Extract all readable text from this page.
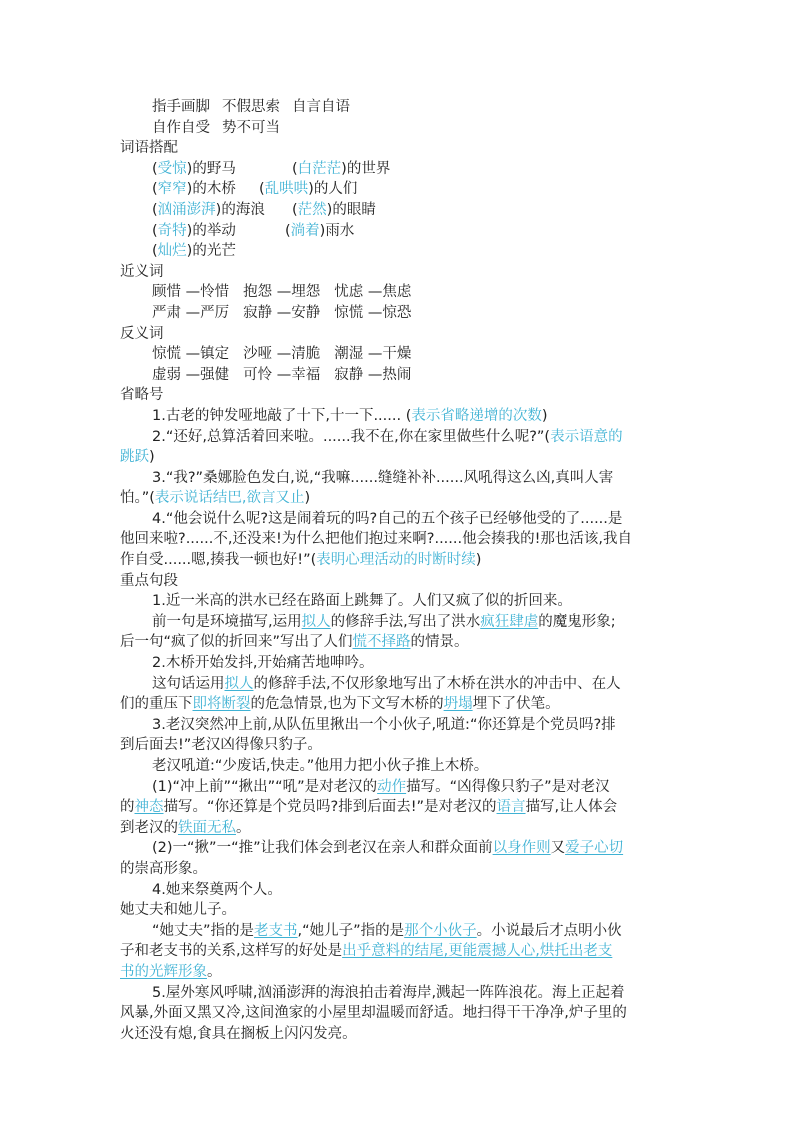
指手画脚 不假思索 自言自语
自作自受 势不可当
词语搭配
(受惊)的野马	(白茫茫)的世界
(窄窄)的木桥 (乱哄哄)的人们
(汹涌澎湃)的海浪 (茫然)的眼睛
(奇特)的举动	(淌着)雨水
(灿烂)的光芒
近义词
顾惜 —怜惜 抱怨 —埋怨 忧虑 —焦虑
严肃 —严厉 寂静 —安静 惊慌 —惊恐
反义词
惊慌 —镇定 沙哑 —清脆 潮湿 —干燥
虚弱 —强健 可怜 —幸福 寂静 —热闹
省略号
1.古老的钟发哑地敲了十下,十一下...... (表示省略递增的次数)
2.“还好,总算活着回来啦。......我不在,你在家里做些什么呢?”(表示语意的
跳跃)
3.“我?”桑娜脸色发白,说,“我嘛......缝缝补补......风吼得这么凶,真叫人害
怕。”(表示说话结巴,欲言又止)
4.“他会说什么呢?这是闹着玩的吗?自己的五个孩子已经够他受的了......是
他回来啦?......不,还没来!为什么把他们抱过来啊?......他会揍我的!那也活该,我自
作自受......嗯,揍我一顿也好!”(表明心理活动的时断时续)
重点句段
1.近一米高的洪水已经在路面上跳舞了。人们又疯了似的折回来。
前一句是环境描写,运用拟人的修辞手法,写出了洪水疯狂肆虐的魔鬼形象;
后一句“疯了似的折回来”写出了人们慌不择路的情景。
2.木桥开始发抖,开始痛苦地呻吟。
这句话运用拟人的修辞手法,不仅形象地写出了木桥在洪水的冲击中、在人
们的重压下即将断裂的危急情景,也为下文写木桥的坍塌埋下了伏笔。
3.老汉突然冲上前,从队伍里揪出一个小伙子,吼道:“你还算是个党员吗?排
到后面去!”老汉凶得像只豹子。
老汉吼道:“少废话,快走。”他用力把小伙子推上木桥。
(1)“冲上前”“揪出”“吼”是对老汉的动作描写。“凶得像只豹子”是对老汉
的神态描写。“你还算是个党员吗?排到后面去!”是对老汉的语言描写,让人体会
到老汉的铁面无私。
(2)一“揪”一“推”让我们体会到老汉在亲人和群众面前以身作则又爱子心切
的崇高形象。
4.她来祭奠两个人。
她丈夫和她儿子。
“她丈夫”指的是老支书,“她儿子”指的是那个小伙子。小说最后才点明小伙
子和老支书的关系,这样写的好处是出乎意料的结尾,更能震撼人心,烘托出老支
书的光辉形象。
5.屋外寒风呼啸,汹涌澎湃的海浪拍击着海岸,溅起一阵阵浪花。海上正起着
风暴,外面又黑又冷,这间渔家的小屋里却温暖而舒适。地扫得干干净净,炉子里的
火还没有熄,食具在搁板上闪闪发亮。
